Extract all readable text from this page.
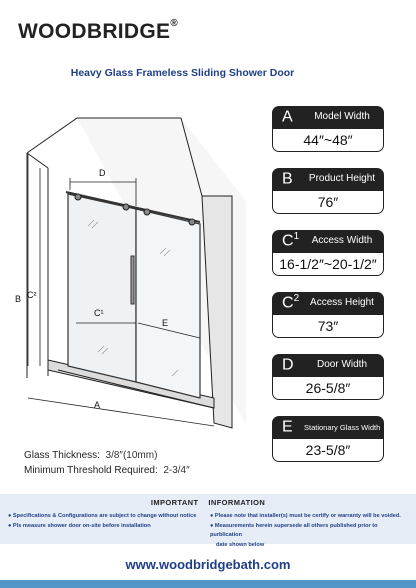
WOODBRIDGE®
Heavy Glass Frameless Sliding Shower Door
D
C²
B
C¹
E
A
A	Model Width
44″~48″
B	Product Height
76″
$C^1$	Access Width
16-1/2″~20-1/2″
$C^2$	Access Height
73″
D	Door Width
26-5/8″
E Stationary Glass Width
23-5/8″
Glass Thickness: 3/8″(10mm)
Minimum Threshold Required: 2-3/4″
IMPORTANT    INFORMATION
● Specifications & Configurations are subject to change without notice
● Pls measure shower door on-site before installation
● Please note that installer(s) must be certify or warranty will be voided.
● Measurements herein supersede all others published prior to purblication
date shown below
www.woodbridgebath.com
